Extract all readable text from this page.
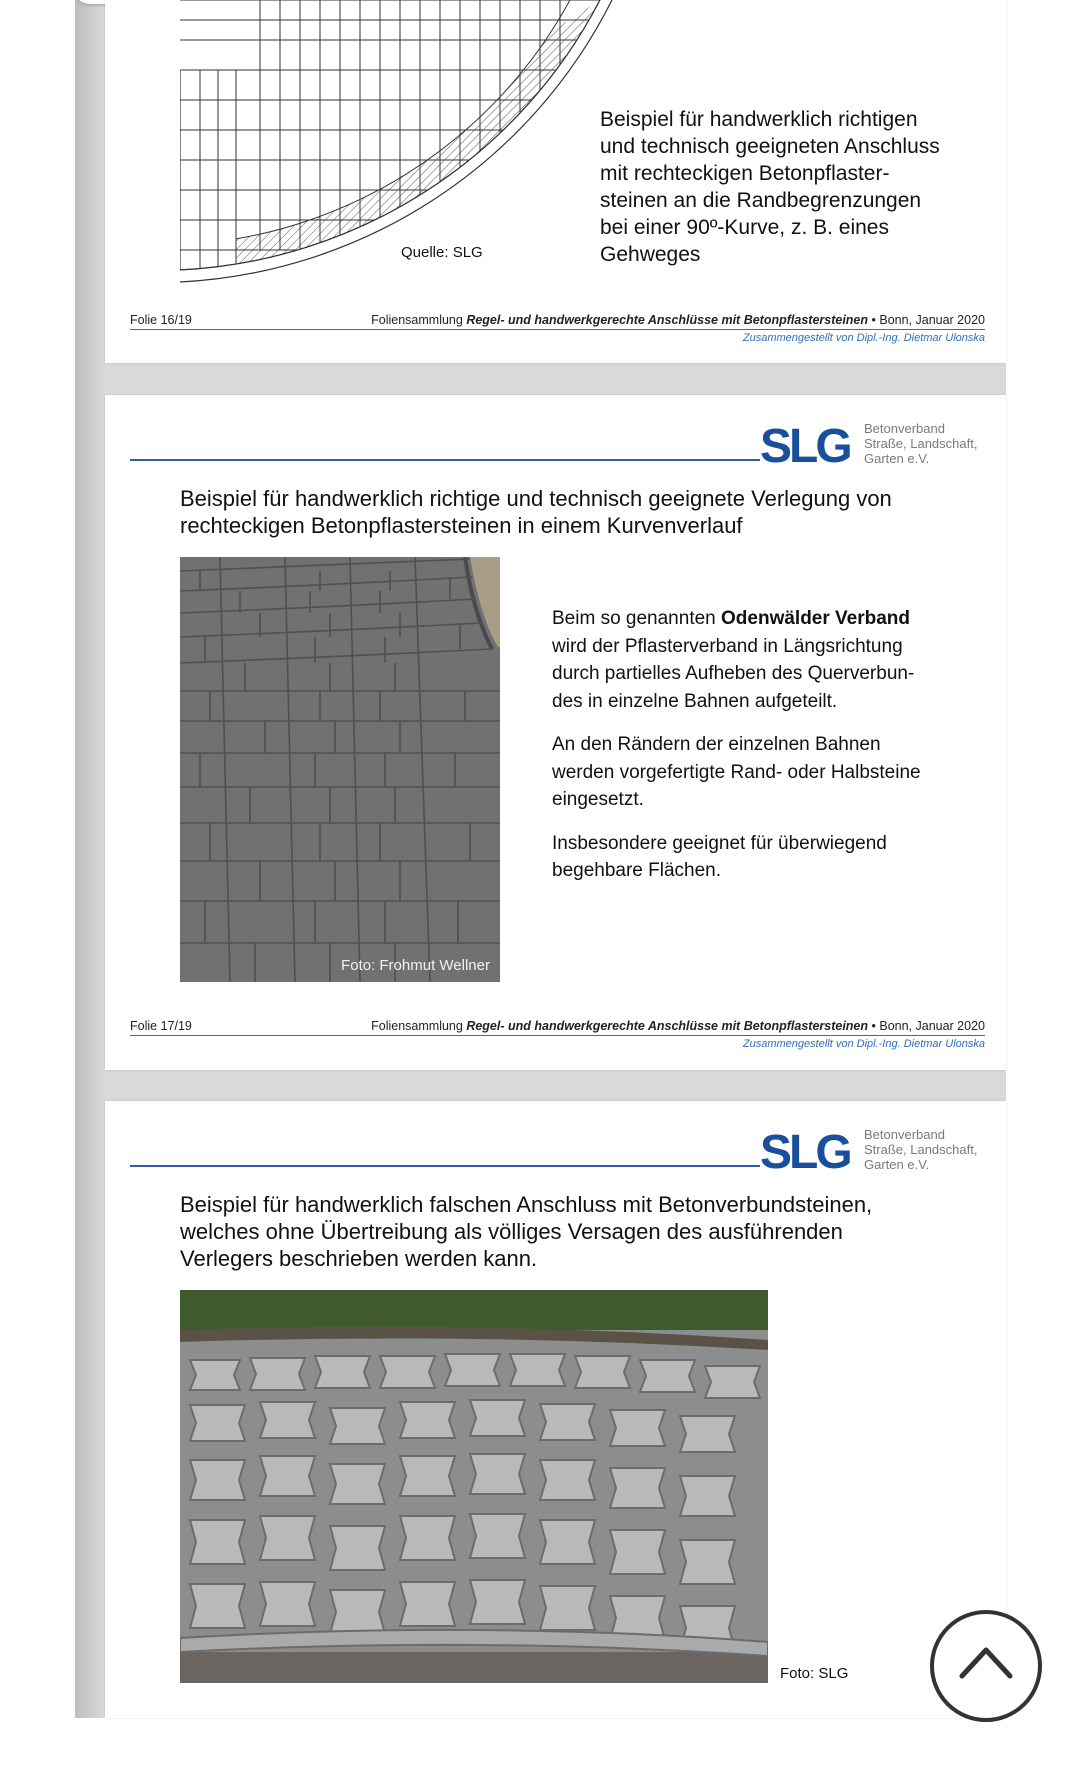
Quelle: SLG
Beispiel für handwerklich richtigen
und technisch geeigneten Anschluss
mit rechteckigen Betonpflaster-
steinen an die Randbegrenzungen
bei einer 90º-Kurve, z. B. eines
Gehweges
Folie 16/19	Foliensammlung Regel- und handwerkgerechte Anschlüsse mit Betonpflastersteinen • Bonn, Januar 2020
Zusammengestellt von Dipl.-Ing. Dietmar Ulonska
SLG Betonverband
Straße, Landschaft,
Garten e.V.
Beispiel für handwerklich richtige und technisch geeignete Verlegung von
rechteckigen Betonpflastersteinen in einem Kurvenverlauf
Foto: Frohmut Wellner
Beim so genannten Odenwälder Verband
wird der Pflasterverband in Längsrichtung
durch partielles Aufheben des Querverbun-
des in einzelne Bahnen aufgeteilt.
An den Rändern der einzelnen Bahnen
werden vorgefertigte Rand- oder Halbsteine
eingesetzt.
Insbesondere geeignet für überwiegend
begehbare Flächen.
Folie 17/19	Foliensammlung Regel- und handwerkgerechte Anschlüsse mit Betonpflastersteinen • Bonn, Januar 2020
Zusammengestellt von Dipl.-Ing. Dietmar Ulonska
SLG Betonverband
Straße, Landschaft,
Garten e.V.
Beispiel für handwerklich falschen Anschluss mit Betonverbundsteinen,
welches ohne Übertreibung als völliges Versagen des ausführenden
Verlegers beschrieben werden kann.
Foto: SLG
